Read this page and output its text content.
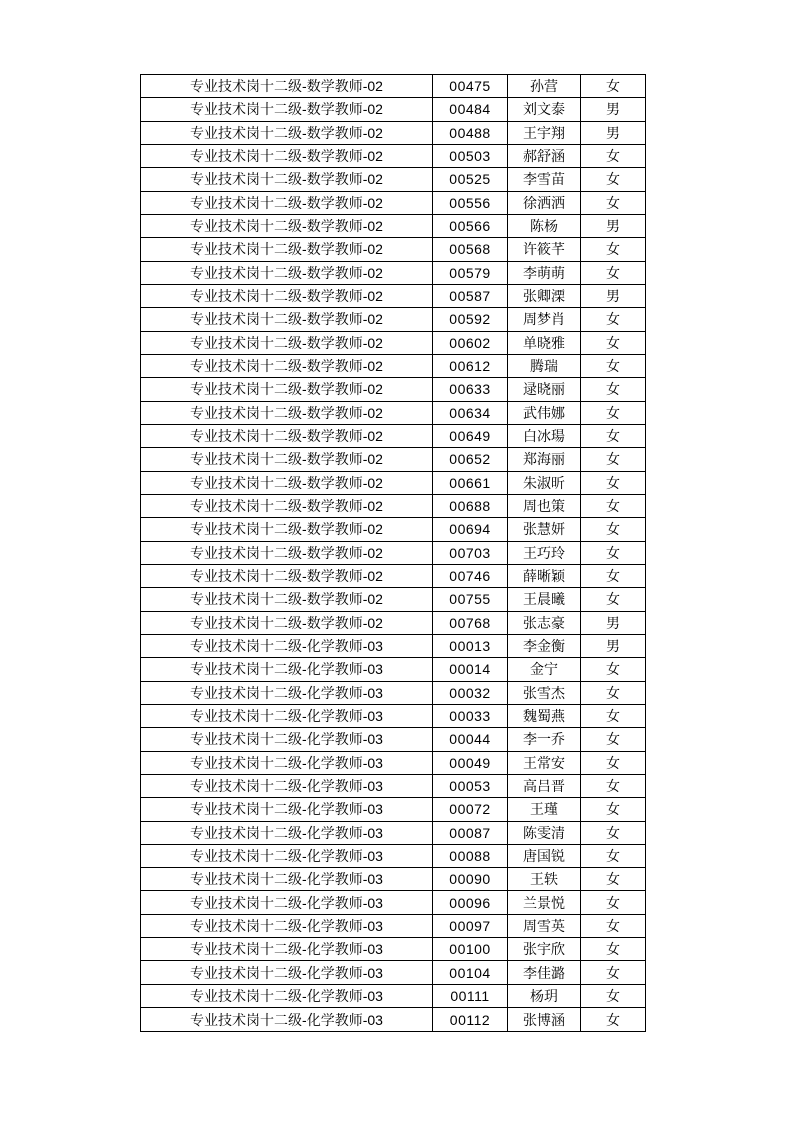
专业技术岗十二级-数学教师-02	00475	孙营	女
专业技术岗十二级-数学教师-02	00484	刘文泰	男
专业技术岗十二级-数学教师-02	00488	王宇翔	男
专业技术岗十二级-数学教师-02	00503	郝舒涵	女
专业技术岗十二级-数学教师-02	00525	李雪苗	女
专业技术岗十二级-数学教师-02	00556	徐洒洒	女
专业技术岗十二级-数学教师-02	00566	陈杨	男
专业技术岗十二级-数学教师-02	00568	许筱芊	女
专业技术岗十二级-数学教师-02	00579	李萌萌	女
专业技术岗十二级-数学教师-02	00587	张卿溧	男
专业技术岗十二级-数学教师-02	00592	周梦肖	女
专业技术岗十二级-数学教师-02	00602	单晓雅	女
专业技术岗十二级-数学教师-02	00612	腾瑞	女
专业技术岗十二级-数学教师-02	00633	逯晓丽	女
专业技术岗十二级-数学教师-02	00634	武伟娜	女
专业技术岗十二级-数学教师-02	00649	白冰瑒	女
专业技术岗十二级-数学教师-02	00652	郑海丽	女
专业技术岗十二级-数学教师-02	00661	朱淑昕	女
专业技术岗十二级-数学教师-02	00688	周也策	女
专业技术岗十二级-数学教师-02	00694	张慧妍	女
专业技术岗十二级-数学教师-02	00703	王巧玲	女
专业技术岗十二级-数学教师-02	00746	薛晰颖	女
专业技术岗十二级-数学教师-02	00755	王晨曦	女
专业技术岗十二级-数学教师-02	00768	张志豪	男
专业技术岗十二级-化学教师-03	00013	李金衡	男
专业技术岗十二级-化学教师-03	00014	金宁	女
专业技术岗十二级-化学教师-03	00032	张雪杰	女
专业技术岗十二级-化学教师-03	00033	魏蜀燕	女
专业技术岗十二级-化学教师-03	00044	李一乔	女
专业技术岗十二级-化学教师-03	00049	王常安	女
专业技术岗十二级-化学教师-03	00053	高吕晋	女
专业技术岗十二级-化学教师-03	00072	王瑾	女
专业技术岗十二级-化学教师-03	00087	陈雯清	女
专业技术岗十二级-化学教师-03	00088	唐国锐	女
专业技术岗十二级-化学教师-03	00090	王轶	女
专业技术岗十二级-化学教师-03	00096	兰景悦	女
专业技术岗十二级-化学教师-03	00097	周雪英	女
专业技术岗十二级-化学教师-03	00100	张宇欣	女
专业技术岗十二级-化学教师-03	00104	李佳潞	女
专业技术岗十二级-化学教师-03	00111	杨玥	女
专业技术岗十二级-化学教师-03	00112	张博涵	女
